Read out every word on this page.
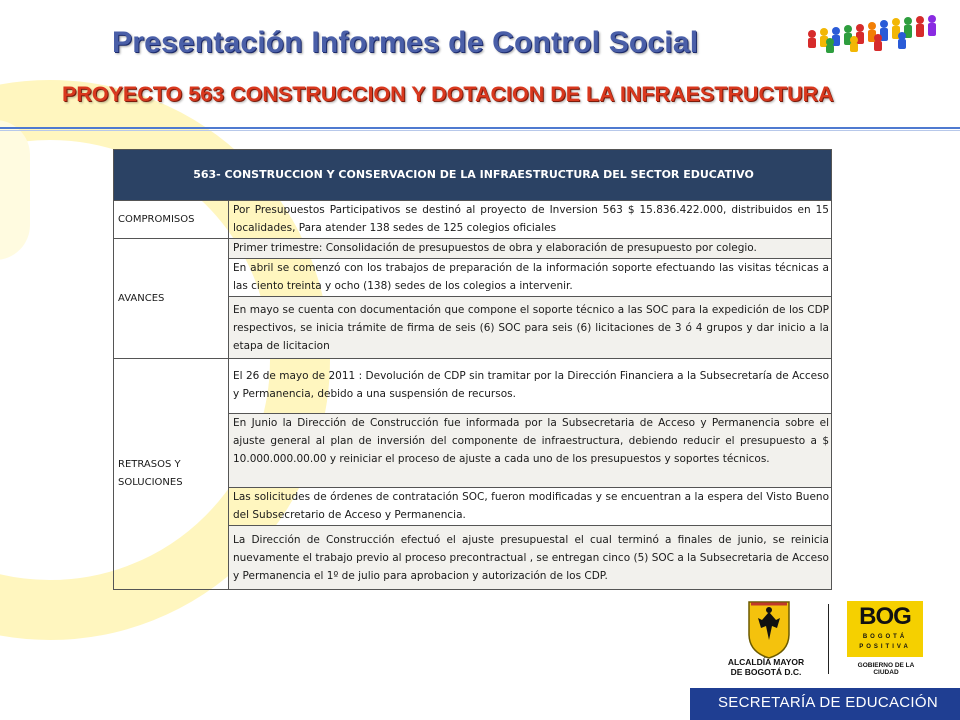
Presentación Informes de Control Social
PROYECTO 563 CONSTRUCCION Y DOTACION DE LA INFRAESTRUCTURA
563- CONSTRUCCION Y CONSERVACION DE LA INFRAESTRUCTURA DEL SECTOR EDUCATIVO	
COMPROMISOS	Por Presupuestos Participativos se destinó al proyecto de Inversion 563 $ 15.836.422.000, distribuidos en 15 localidades, Para atender 138 sedes de 125 colegios oficiales
AVANCES	Primer trimestre: Consolidación de presupuestos de obra y elaboración de presupuesto por colegio.
	En abril se comenzó con los trabajos de preparación de la información soporte efectuando las visitas técnicas a las ciento treinta y ocho (138) sedes de los colegios a intervenir.
	En mayo se cuenta con documentación que compone el soporte técnico a las SOC para la expedición de los CDP respectivos, se inicia trámite de firma de seis (6) SOC para seis (6) licitaciones de 3 ó 4 grupos y dar inicio a la etapa de licitacion
RETRASOS Y SOLUCIONES	El 26 de mayo de 2011 : Devolución de CDP sin tramitar por la Dirección Financiera a la Subsecretaría de Acceso y Permanencia, debido a una suspensión de recursos.
	En Junio la Dirección de Construcción fue informada por la Subsecretaria de Acceso y Permanencia sobre el ajuste general al plan de inversión del componente de infraestructura, debiendo reducir el presupuesto a $ 10.000.000.00.00 y reiniciar el proceso de ajuste a cada uno de los presupuestos y soportes técnicos.
	Las solicitudes de órdenes de contratación SOC, fueron modificadas y se encuentran a la espera del Visto Bueno del Subsecretario de Acceso y Permanencia.
	La Dirección de Construcción efectuó el ajuste presupuestal el cual terminó a finales de junio, se reinicia nuevamente el trabajo previo al proceso precontractual , se entregan cinco (5) SOC a la Subsecretaria de Acceso y Permanencia el 1º de julio para aprobacion y autorización de los CDP.
ALCALDÍA MAYOR
DE BOGOTÁ D.C.
BOG
BOGOTÁ
POSITIVA
GOBIERNO DE LA CIUDAD
SECRETARÍA DE EDUCACIÓN
